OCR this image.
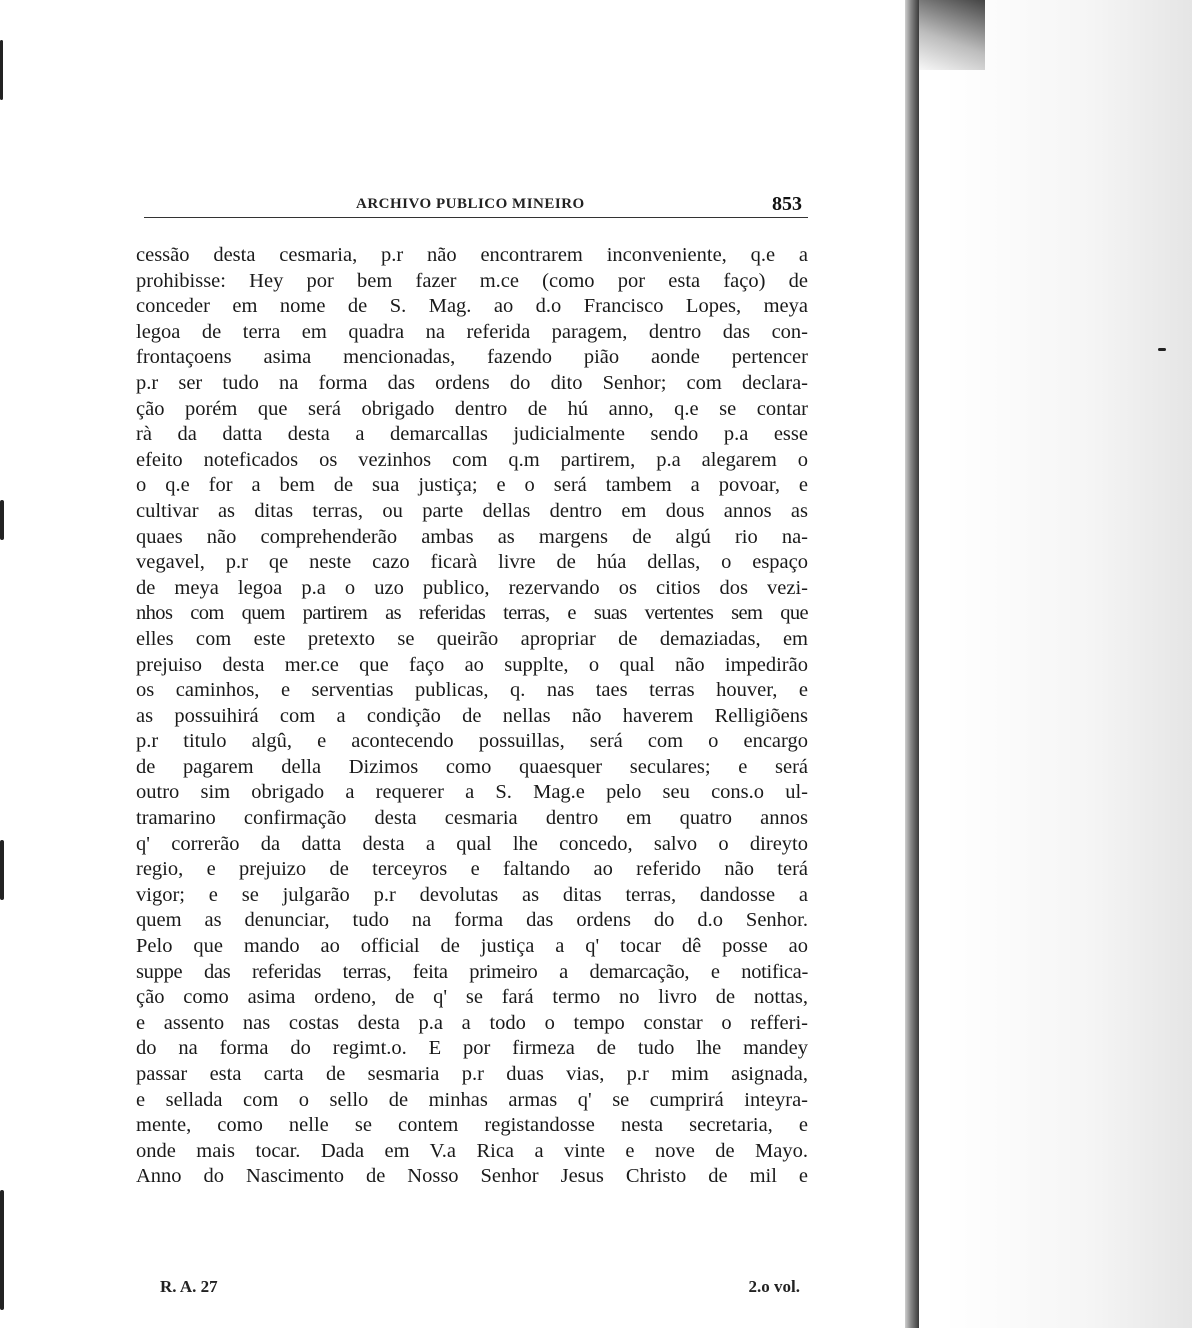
ARCHIVO PUBLICO MINEIRO	853
cessão desta cesmaria, p.r não encontrarem inconveniente, q.e a
prohibisse: Hey por bem fazer m.ce (como por esta faço) de
conceder em nome de S. Mag. ao d.o Francisco Lopes, meya
legoa de terra em quadra na referida paragem, dentro das con-
frontaçoens asima mencionadas, fazendo pião aonde pertencer
p.r ser tudo na forma das ordens do dito Senhor; com declara-
ção porém que será obrigado dentro de hú anno, q.e se contar
rà da datta desta a demarcallas judicialmente sendo p.a esse
efeito noteficados os vezinhos com q.m partirem, p.a alegarem o
o q.e for a bem de sua justiça; e o será tambem a povoar, e
cultivar as ditas terras, ou parte dellas dentro em dous annos as
quaes não comprehenderão ambas as margens de algú rio na-
vegavel, p.r qe neste cazo ficarà livre de húa dellas, o espaço
de meya legoa p.a o uzo publico, rezervando os citios dos vezi-
nhos com quem partirem as referidas terras, e suas vertentes sem que
elles com este pretexto se queirão apropriar de demaziadas, em
prejuiso desta mer.ce que faço ao supplte, o qual não impedirão
os caminhos, e serventias publicas, q. nas taes terras houver, e
as possuihirá com a condição de nellas não haverem Relligiõens
p.r titulo algû, e acontecendo possuillas, será com o encargo
de pagarem della Dizimos como quaesquer seculares; e será
outro sim obrigado a requerer a S. Mag.e pelo seu cons.o ul-
tramarino confirmação desta cesmaria dentro em quatro annos
q' correrão da datta desta a qual lhe concedo, salvo o direyto
regio, e prejuizo de terceyros e faltando ao referido não terá
vigor; e se julgarão p.r devolutas as ditas terras, dandosse a
quem as denunciar, tudo na forma das ordens do d.o Senhor.
Pelo que mando ao official de justiça a q' tocar dê posse ao
suppe das referidas terras, feita primeiro a demarcação, e notifica-
ção como asima ordeno, de q' se fará termo no livro de nottas,
e assento nas costas desta p.a a todo o tempo constar o refferi-
do na forma do regimt.o. E por firmeza de tudo lhe mandey
passar esta carta de sesmaria p.r duas vias, p.r mim asignada,
e sellada com o sello de minhas armas q' se cumprirá inteyra-
mente, como nelle se contem registandosse nesta secretaria, e
onde mais tocar. Dada em V.a Rica a vinte e nove de Mayo.
Anno do Nascimento de Nosso Senhor Jesus Christo de mil e
R. A. 27	2.o vol.
